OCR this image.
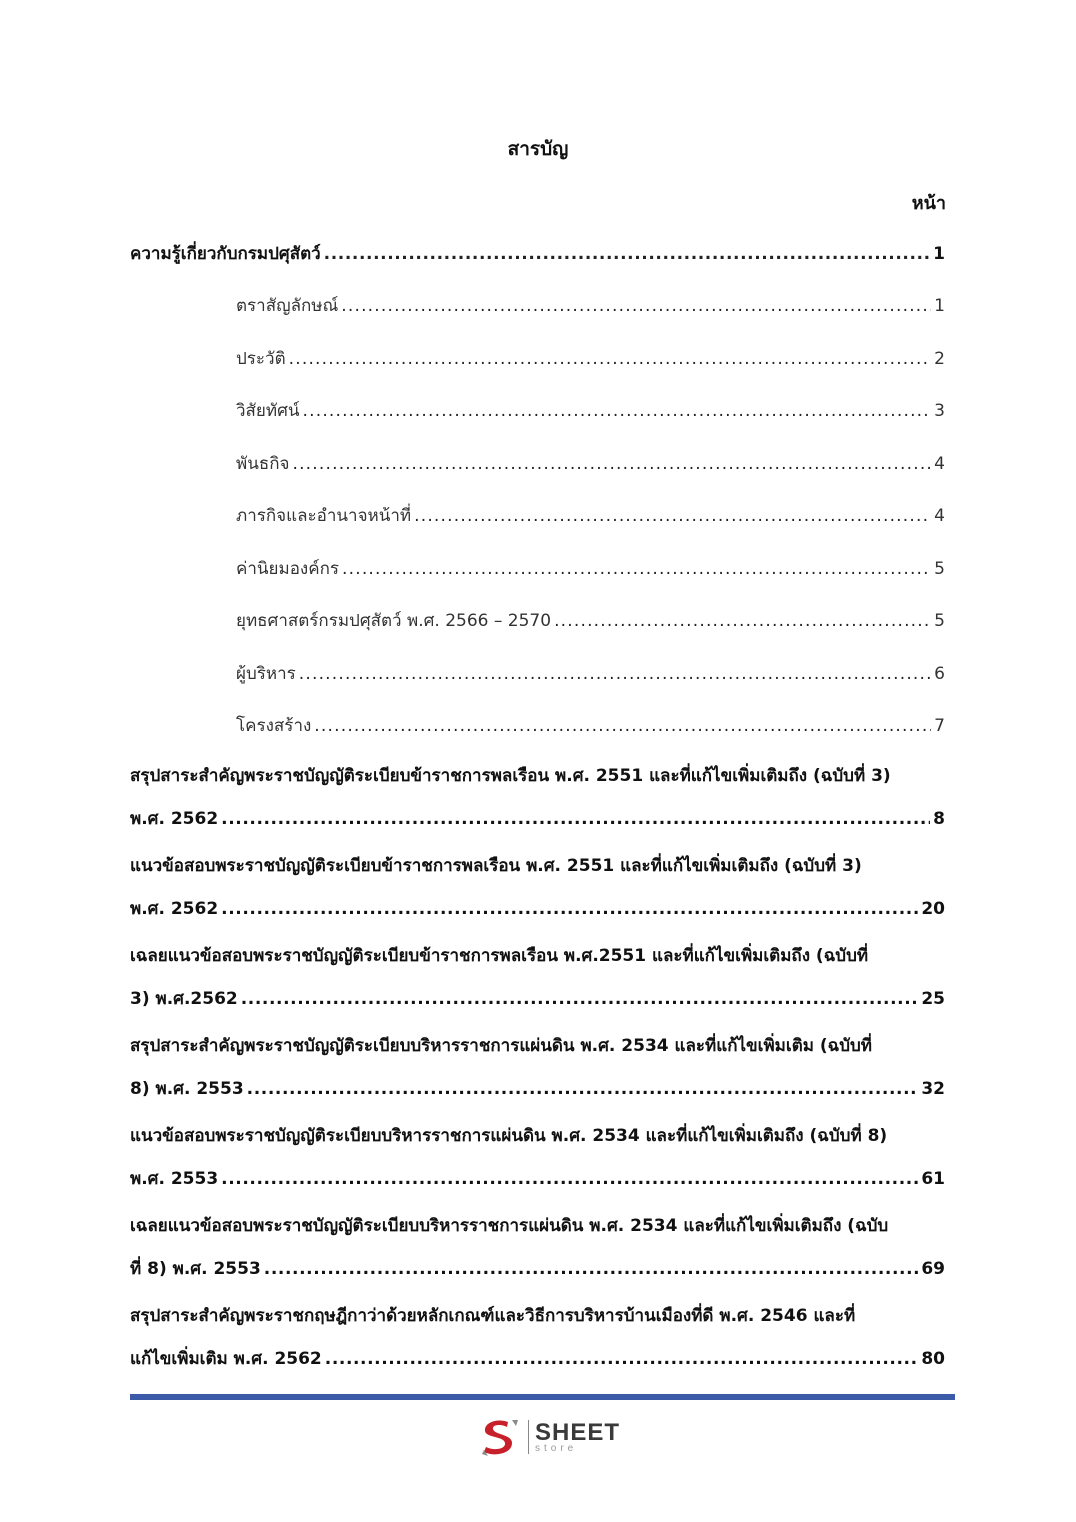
สารบัญ
หน้า
ความรู้เกี่ยวกับกรมปศุสัตว์ .....	1
ตราสัญลักษณ์ .....	1
ประวัติ .....	2
วิสัยทัศน์ .....	3
พันธกิจ .....	4
ภารกิจและอำนาจหน้าที่ .....	4
ค่านิยมองค์กร .....	5
ยุทธศาสตร์กรมปศุสัตว์ พ.ศ. 2566 – 2570 .....	5
ผู้บริหาร .....	6
โครงสร้าง .....	7
สรุปสาระสำคัญพระราชบัญญัติระเบียบข้าราชการพลเรือน พ.ศ. 2551 และที่แก้ไขเพิ่มเติมถึง (ฉบับที่ 3)
พ.ศ. 2562 .....	8
แนวข้อสอบพระราชบัญญัติระเบียบข้าราชการพลเรือน พ.ศ. 2551 และที่แก้ไขเพิ่มเติมถึง (ฉบับที่ 3)
พ.ศ. 2562 .....	20
เฉลยแนวข้อสอบพระราชบัญญัติระเบียบข้าราชการพลเรือน พ.ศ.2551 และที่แก้ไขเพิ่มเติมถึง (ฉบับที่
3) พ.ศ.2562 .....	25
สรุปสาระสำคัญพระราชบัญญัติระเบียบบริหารราชการแผ่นดิน พ.ศ. 2534 และที่แก้ไขเพิ่มเติม (ฉบับที่
8) พ.ศ. 2553 .....	32
แนวข้อสอบพระราชบัญญัติระเบียบบริหารราชการแผ่นดิน พ.ศ. 2534 และที่แก้ไขเพิ่มเติมถึง (ฉบับที่ 8)
พ.ศ. 2553 .....	61
เฉลยแนวข้อสอบพระราชบัญญัติระเบียบบริหารราชการแผ่นดิน พ.ศ. 2534 และที่แก้ไขเพิ่มเติมถึง (ฉบับ
ที่ 8) พ.ศ. 2553 .....	69
สรุปสาระสำคัญพระราชกฤษฎีกาว่าด้วยหลักเกณฑ์และวิธีการบริหารบ้านเมืองที่ดี พ.ศ. 2546 และที่
แก้ไขเพิ่มเติม พ.ศ. 2562 .....	80
SHEET
store
